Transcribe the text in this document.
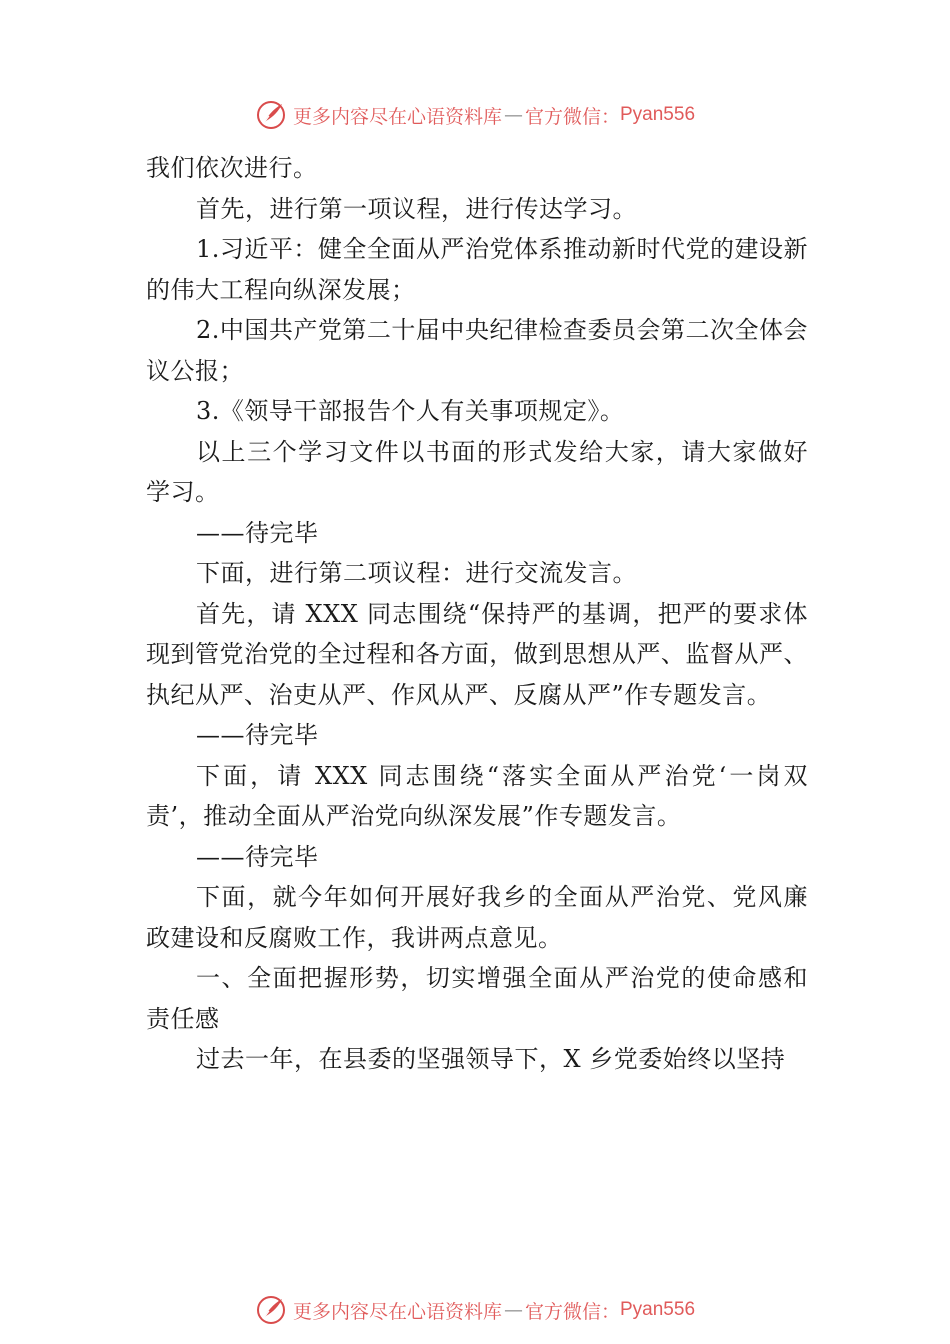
更多内容尽在心语资料库 — 官方微信： Pyan556

我们依次进行。

首先，进行第一项议程，进行传达学习。

1.习近平：健全全面从严治党体系推动新时代党的建设新的伟大工程向纵深发展；

2.中国共产党第二十届中央纪律检查委员会第二次全体会议公报；

3.《领导干部报告个人有关事项规定》。

以上三个学习文件以书面的形式发给大家，请大家做好学习。

——待完毕

下面，进行第二项议程：进行交流发言。

首先，请 XXX 同志围绕“保持严的基调，把严的要求体现到管党治党的全过程和各方面，做到思想从严、监督从严、执纪从严、治吏从严、作风从严、反腐从严”作专题发言。

——待完毕

下面，请 XXX 同志围绕“落实全面从严治党‘一岗双责’，推动全面从严治党向纵深发展”作专题发言。

——待完毕

下面，就今年如何开展好我乡的全面从严治党、党风廉政建设和反腐败工作，我讲两点意见。

一、全面把握形势，切实增强全面从严治党的使命感和责任感

过去一年，在县委的坚强领导下，X 乡党委始终以坚持

更多内容尽在心语资料库 — 官方微信： Pyan556
